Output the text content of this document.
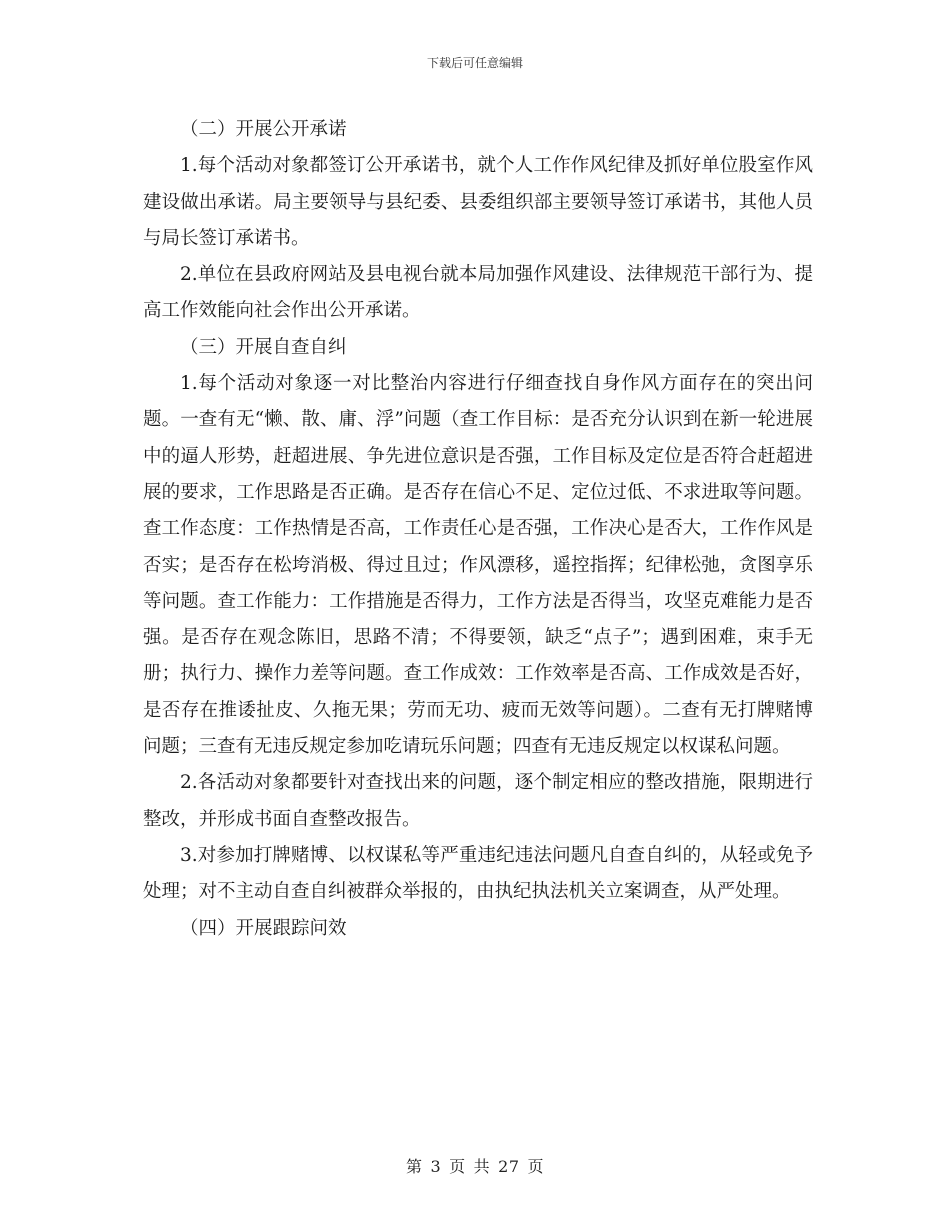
下载后可任意编辑

（二）开展公开承诺

1.每个活动对象都签订公开承诺书，就个人工作作风纪律及抓好单位股室作风建设做出承诺。局主要领导与县纪委、县委组织部主要领导签订承诺书，其他人员与局长签订承诺书。

2.单位在县政府网站及县电视台就本局加强作风建设、法律规范干部行为、提高工作效能向社会作出公开承诺。

（三）开展自查自纠

1.每个活动对象逐一对比整治内容进行仔细查找自身作风方面存在的突出问题。一查有无“懒、散、庸、浮”问题（查工作目标：是否充分认识到在新一轮进展中的逼人形势，赶超进展、争先进位意识是否强，工作目标及定位是否符合赶超进展的要求，工作思路是否正确。是否存在信心不足、定位过低、不求进取等问题。查工作态度：工作热情是否高，工作责任心是否强，工作决心是否大，工作作风是否实；是否存在松垮消极、得过且过；作风漂移，遥控指挥；纪律松弛，贪图享乐等问题。查工作能力：工作措施是否得力，工作方法是否得当，攻坚克难能力是否强。是否存在观念陈旧，思路不清；不得要领，缺乏“点子”；遇到困难，束手无册；执行力、操作力差等问题。查工作成效：工作效率是否高、工作成效是否好，是否存在推诿扯皮、久拖无果；劳而无功、疲而无效等问题）。二查有无打牌赌博问题；三查有无违反规定参加吃请玩乐问题；四查有无违反规定以权谋私问题。

2.各活动对象都要针对查找出来的问题，逐个制定相应的整改措施，限期进行整改，并形成书面自查整改报告。

3.对参加打牌赌博、以权谋私等严重违纪违法问题凡自查自纠的，从轻或免予处理；对不主动自查自纠被群众举报的，由执纪执法机关立案调查，从严处理。

（四）开展跟踪问效

第 3 页 共 27 页
